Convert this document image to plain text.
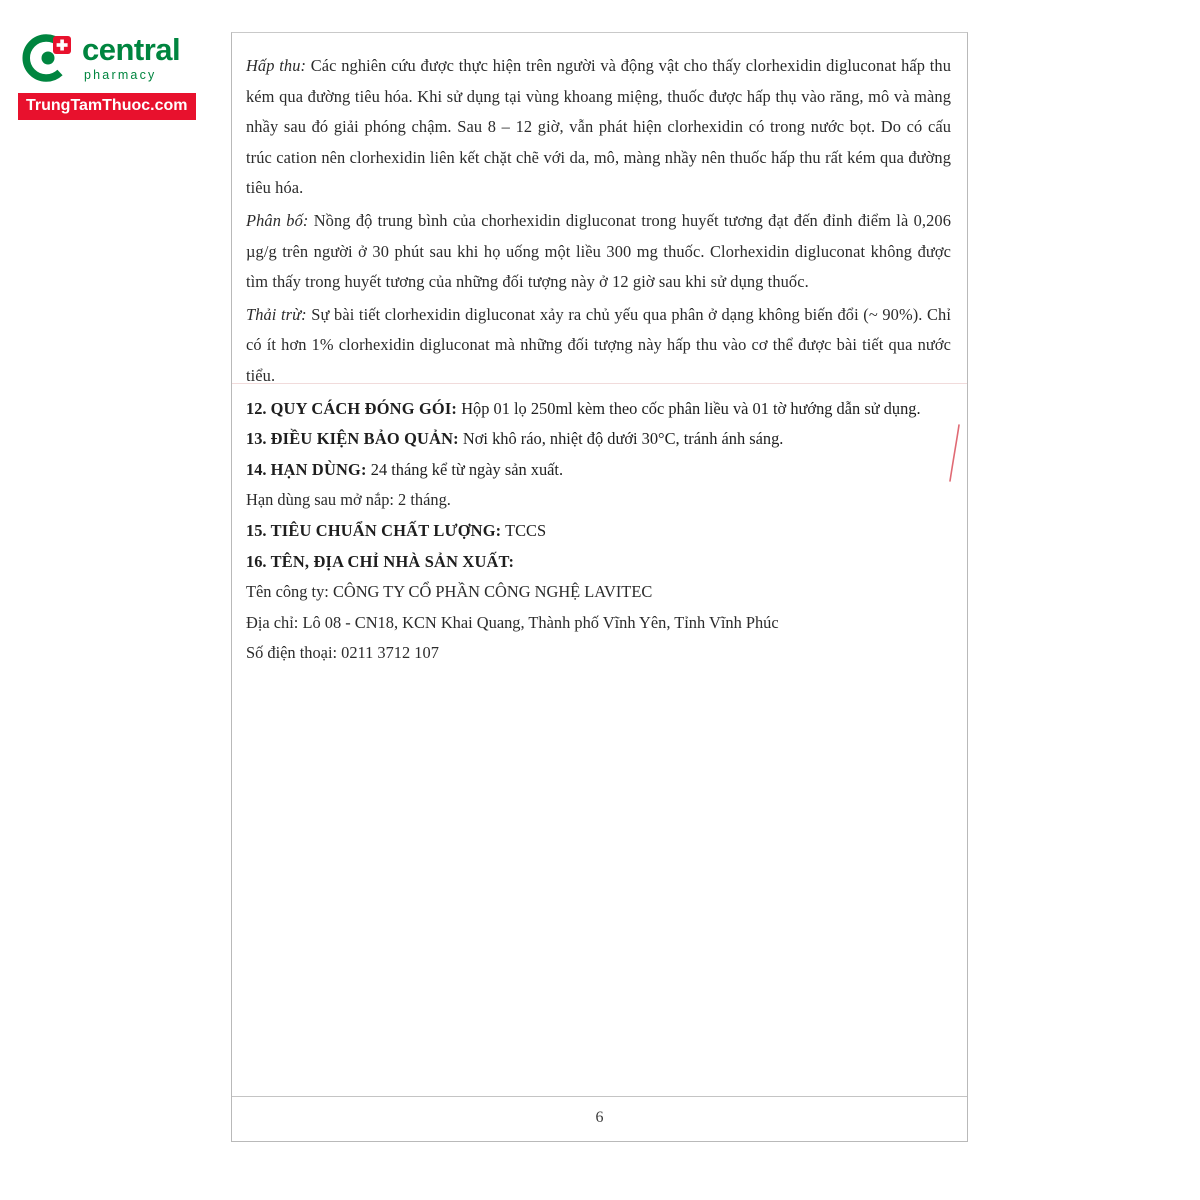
central
pharmacy
TrungTamThuoc.com

Hấp thu: Các nghiên cứu được thực hiện trên người và động vật cho thấy clorhexidin digluconat hấp thu kém qua đường tiêu hóa. Khi sử dụng tại vùng khoang miệng, thuốc được hấp thụ vào răng, mô và màng nhầy sau đó giải phóng chậm. Sau 8 – 12 giờ, vẫn phát hiện clorhexidin có trong nước bọt. Do có cấu trúc cation nên clorhexidin liên kết chặt chẽ với da, mô, màng nhầy nên thuốc hấp thu rất kém qua đường tiêu hóa.

Phân bố: Nồng độ trung bình của chorhexidin digluconat trong huyết tương đạt đến đỉnh điểm là 0,206 µg/g trên người ở 30 phút sau khi họ uống một liều 300 mg thuốc. Clorhexidin digluconat không được tìm thấy trong huyết tương của những đối tượng này ở 12 giờ sau khi sử dụng thuốc.

Thải trừ: Sự bài tiết clorhexidin digluconat xảy ra chủ yếu qua phân ở dạng không biến đổi (~ 90%). Chỉ có ít hơn 1% clorhexidin digluconat mà những đối tượng này hấp thu vào cơ thể được bài tiết qua nước tiểu.

12. QUY CÁCH ĐÓNG GÓI: Hộp 01 lọ 250ml kèm theo cốc phân liều và 01 tờ hướng dẫn sử dụng.

13. ĐIỀU KIỆN BẢO QUẢN: Nơi khô ráo, nhiệt độ dưới 30°C, tránh ánh sáng.

14. HẠN DÙNG: 24 tháng kể từ ngày sản xuất.

Hạn dùng sau mở nắp: 2 tháng.

15. TIÊU CHUẨN CHẤT LƯỢNG: TCCS

16. TÊN, ĐỊA CHỈ NHÀ SẢN XUẤT:

Tên công ty: CÔNG TY CỔ PHẦN CÔNG NGHỆ LAVITEC

Địa chỉ: Lô 08 - CN18, KCN Khai Quang, Thành phố Vĩnh Yên, Tỉnh Vĩnh Phúc

Số điện thoại: 0211 3712 107

6
